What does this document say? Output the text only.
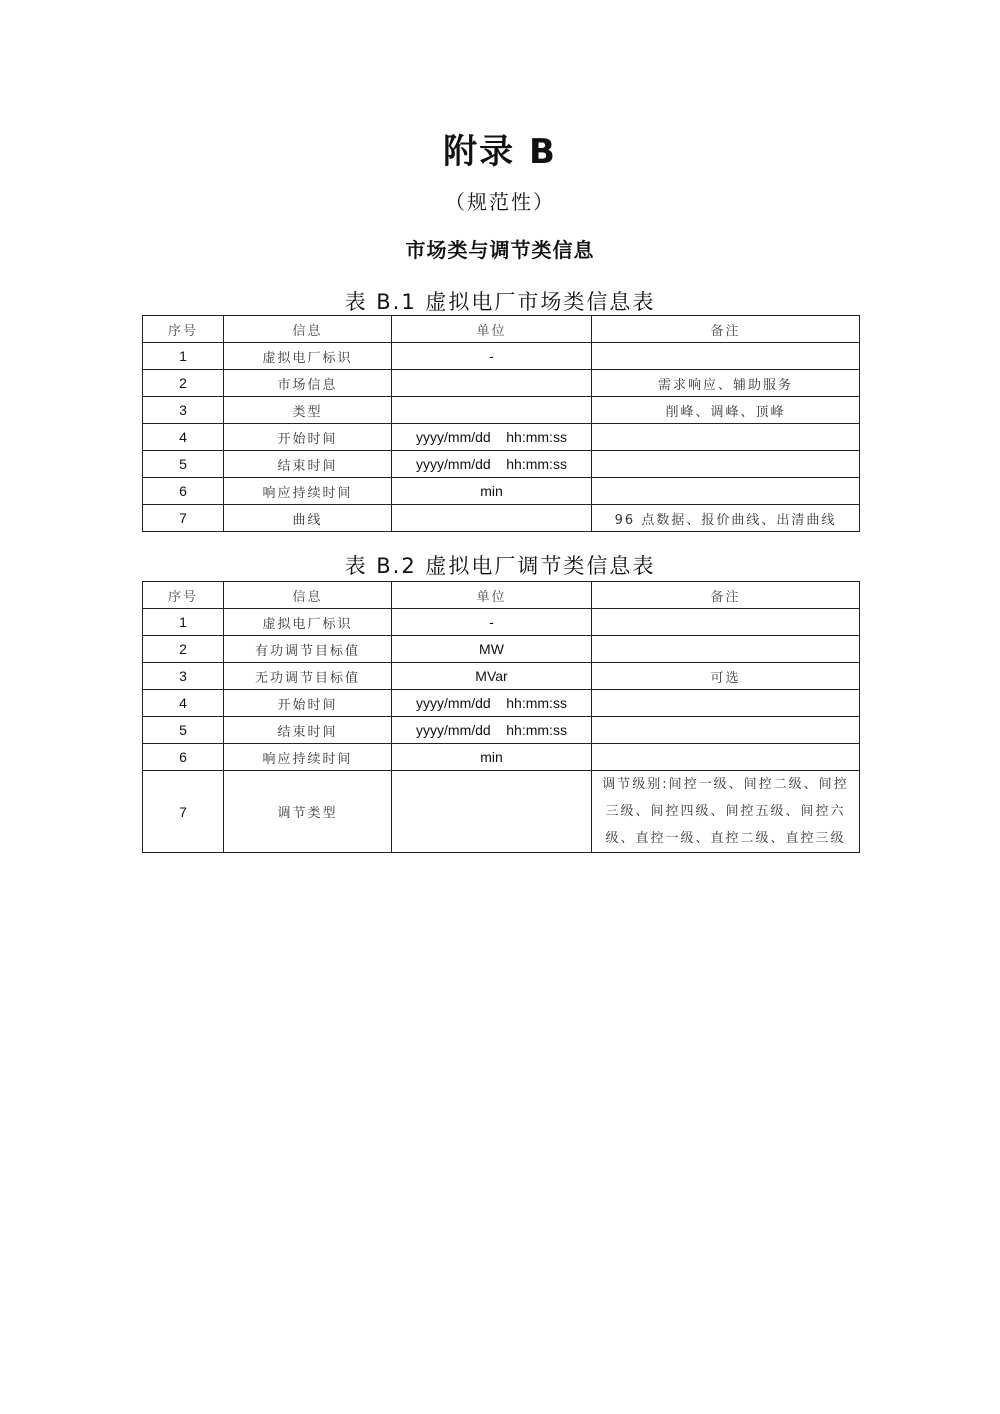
附录 B
（规范性）
市场类与调节类信息
表 B.1 虚拟电厂市场类信息表
序号	信息	单位	备注
1	虚拟电厂标识	-	
2	市场信息		需求响应、辅助服务
3	类型		削峰、调峰、顶峰
4	开始时间	yyyy/mm/dd    hh:mm:ss	
5	结束时间	yyyy/mm/dd    hh:mm:ss	
6	响应持续时间	min	
7	曲线		96 点数据、报价曲线、出清曲线
表 B.2 虚拟电厂调节类信息表
序号	信息	单位	备注
1	虚拟电厂标识	-	
2	有功调节目标值	MW	
3	无功调节目标值	MVar	可选
4	开始时间	yyyy/mm/dd    hh:mm:ss	
5	结束时间	yyyy/mm/dd    hh:mm:ss	
6	响应持续时间	min	
7	调节类型		调节级别:间控一级、间控二级、间控三级、间控四级、间控五级、间控六级、直控一级、直控二级、直控三级
